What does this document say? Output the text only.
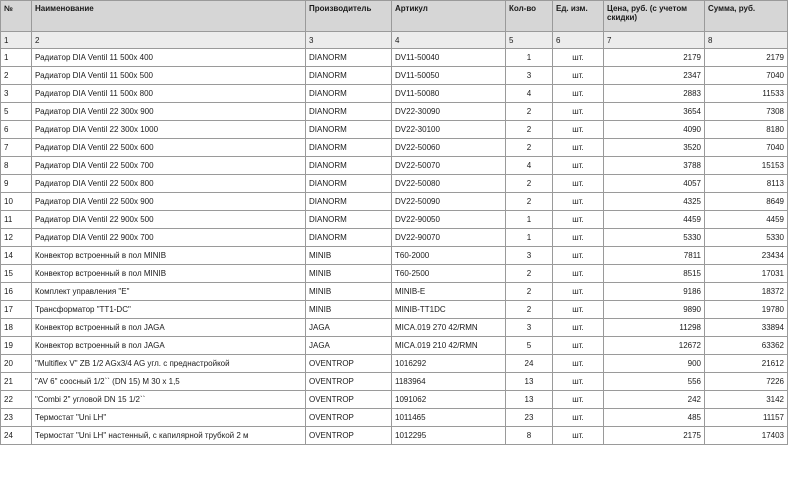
№	Наименование	Производитель	Артикул	Кол-во	Ед. изм.	Цена, руб. (с учетом скидки)	Сумма, руб.
1	2	3	4	5	6	7	8
1	Радиатор DIA Ventil 11 500х 400	DIANORM	DV11-50040	1	шт.	2179	2179
2	Радиатор DIA Ventil 11 500х 500	DIANORM	DV11-50050	3	шт.	2347	7040
3	Радиатор DIA Ventil 11 500х 800	DIANORM	DV11-50080	4	шт.	2883	11533
5	Радиатор DIA Ventil 22 300х 900	DIANORM	DV22-30090	2	шт.	3654	7308
6	Радиатор DIA Ventil 22 300х 1000	DIANORM	DV22-30100	2	шт.	4090	8180
7	Радиатор DIA Ventil 22 500х 600	DIANORM	DV22-50060	2	шт.	3520	7040
8	Радиатор DIA Ventil 22 500х 700	DIANORM	DV22-50070	4	шт.	3788	15153
9	Радиатор DIA Ventil 22 500х 800	DIANORM	DV22-50080	2	шт.	4057	8113
10	Радиатор DIA Ventil 22 500х 900	DIANORM	DV22-50090	2	шт.	4325	8649
11	Радиатор DIA Ventil 22 900х 500	DIANORM	DV22-90050	1	шт.	4459	4459
12	Радиатор DIA Ventil 22 900х 700	DIANORM	DV22-90070	1	шт.	5330	5330
14	Конвектор встроенный в пол MINIB	MINIB	T60-2000	3	шт.	7811	23434
15	Конвектор встроенный в пол MINIB	MINIB	T60-2500	2	шт.	8515	17031
16	Комплект управления "E"	MINIB	MINIB-E	2	шт.	9186	18372
17	Трансформатор "TT1-DC"	MINIB	MINIB-TT1DC	2	шт.	9890	19780
18	Конвектор встроенный в пол JAGA	JAGA	MICA.019 270 42/RMN	3	шт.	11298	33894
19	Конвектор встроенный в пол JAGA	JAGA	MICA.019 210 42/RMN	5	шт.	12672	63362
20	"Multiflex V" ZB 1/2 AGx3/4 AG угл. с преднастройкой	OVENTROP	1016292	24	шт.	900	21612
21	"AV 6" соосный 1/2`` (DN 15) M 30 х 1,5	OVENTROP	1183964	13	шт.	556	7226
22	"Combi 2" угловой DN 15 1/2``	OVENTROP	1091062	13	шт.	242	3142
23	Термостат "Uni LH"	OVENTROP	1011465	23	шт.	485	11157
24	Термостат "Uni LH" настенный, с капилярной трубкой 2 м	OVENTROP	1012295	8	шт.	2175	17403
